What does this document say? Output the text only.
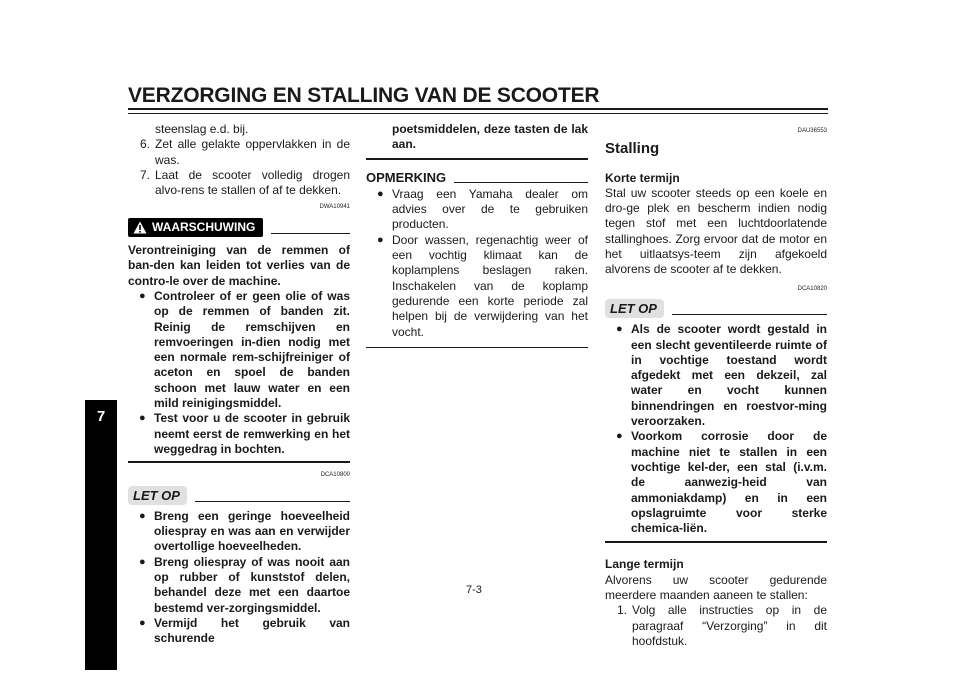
VERZORGING EN STALLING VAN DE SCOOTER
7

steenslag e.d. bij.

6. Zet alle gelakte oppervlakken in de was.
7. Laat de scooter volledig drogen alvo-rens te stallen of af te dekken.
DWA10941
WAARSCHUWING

Verontreiniging van de remmen of ban-den kan leiden tot verlies van de contro-le over de machine.

● Controleer of er geen olie of was op de remmen of banden zit. Reinig de remschijven en remvoeringen in-dien nodig met een normale rem-schijfreiniger of aceton en spoel de banden schoon met lauw water en een mild reinigingsmiddel.
● Test voor u de scooter in gebruik neemt eerst de remwerking en het weggedrag in bochten.
DCA10800
LET OP
● Breng een geringe hoeveelheid oliespray en was aan en verwijder overtollige hoeveelheden.
● Breng oliespray of was nooit aan op rubber of kunststof delen, behandel deze met een daartoe bestemd ver-zorgingsmiddel.
● Vermijd het gebruik van schurende

poetsmiddelen, deze tasten de lak aan.

OPMERKING
● Vraag een Yamaha dealer om advies over de te gebruiken producten.
● Door wassen, regenachtig weer of een vochtig klimaat kan de koplamplens beslagen raken. Inschakelen van de koplamp gedurende een korte periode zal helpen bij de verwijdering van het vocht.
DAU36553

Stalling

Korte termijn

Stal uw scooter steeds op een koele en dro-ge plek en bescherm indien nodig tegen stof met een luchtdoorlatende stallinghoes. Zorg ervoor dat de motor en het uitlaatsys-teem zijn afgekoeld alvorens de scooter af te dekken.

DCA10820
LET OP
● Als de scooter wordt gestald in een slecht geventileerde ruimte of in vochtige toestand wordt afgedekt met een dekzeil, zal water en vocht kunnen binnendringen en roestvor-ming veroorzaken.
● Voorkom corrosie door de machine niet te stallen in een vochtige kel-der, een stal (i.v.m. de aanwezig-heid van ammoniakdamp) en in een opslagruimte voor sterke chemica-liën.

Lange termijn

Alvorens uw scooter gedurende meerdere maanden aaneen te stallen:

1. Volg alle instructies op in de paragraaf “Verzorging” in dit hoofdstuk.
7-3
